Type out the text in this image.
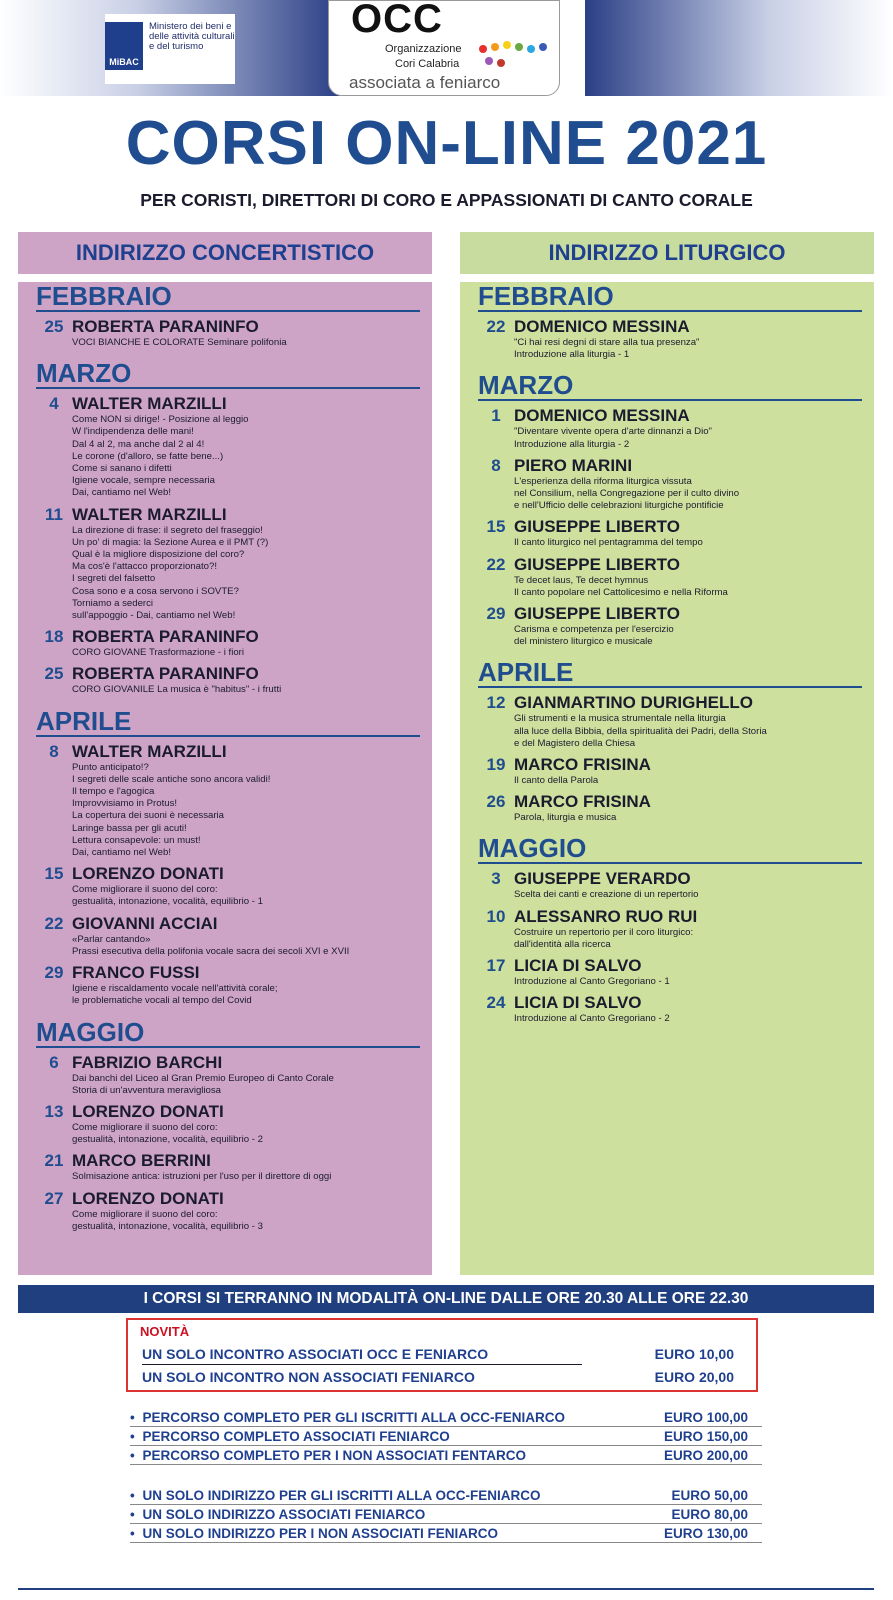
MiBAC
Ministero dei beni e delle attività culturali e del turismo
OCC
Organizzazione
Cori Calabria
associata a feniarco
CORSI ON-LINE 2021
PER CORISTI, DIRETTORI DI CORO E APPASSIONATI DI CANTO CORALE
INDIRIZZO CONCERTISTICO
FEBBRAIO
25 ROBERTA PARANINFO
VOCI BIANCHE E COLORATE Seminare polifonia
MARZO
4 WALTER MARZILLI
Come NON si dirige! - Posizione al leggio
W l'indipendenza delle mani!
Dal 4 al 2, ma anche dal 2 al 4!
Le corone (d'alloro, se fatte bene...)
Come si sanano i difetti
Igiene vocale, sempre necessaria
Dai, cantiamo nel Web!
11 WALTER MARZILLI
La direzione di frase: il segreto del fraseggio!
Un po' di magia: la Sezione Aurea e il PMT (?)
Qual è la migliore disposizione del coro?
Ma cos'è l'attacco proporzionato?!
I segreti del falsetto
Cosa sono e a cosa servono i SOVTE?
Torniamo a sederci
sull'appoggio - Dai, cantiamo nel Web!
18 ROBERTA PARANINFO
CORO GIOVANE Trasformazione - i fiori
25 ROBERTA PARANINFO
CORO GIOVANILE La musica è "habitus" - i frutti
APRILE
8 WALTER MARZILLI
Punto anticipato!?
I segreti delle scale antiche sono ancora validi!
Il tempo e l'agogica
Improvvisiamo in Protus!
La copertura dei suoni è necessaria
Laringe bassa per gli acuti!
Lettura consapevole: un must!
Dai, cantiamo nel Web!
15 LORENZO DONATI
Come migliorare il suono del coro:
gestualità, intonazione, vocalità, equilibrio - 1
22 GIOVANNI ACCIAI
«Parlar cantando»
Prassi esecutiva della polifonia vocale sacra dei secoli XVI e XVII
29 FRANCO FUSSI
Igiene e riscaldamento vocale nell'attività corale;
le problematiche vocali al tempo del Covid
MAGGIO
6 FABRIZIO BARCHI
Dai banchi del Liceo al Gran Premio Europeo di Canto Corale
Storia di un'avventura meravigliosa
13 LORENZO DONATI
Come migliorare il suono del coro:
gestualità, intonazione, vocalità, equilibrio - 2
21 MARCO BERRINI
Solmisazione antica: istruzioni per l'uso per il direttore di oggi
27 LORENZO DONATI
Come migliorare il suono del coro:
gestualità, intonazione, vocalità, equilibrio - 3
INDIRIZZO LITURGICO
FEBBRAIO
22 DOMENICO MESSINA
"Ci hai resi degni di stare alla tua presenza"
Introduzione alla liturgia - 1
MARZO
1 DOMENICO MESSINA
"Diventare vivente opera d'arte dinnanzi a Dio"
Introduzione alla liturgia - 2
8 PIERO MARINI
L'esperienza della riforma liturgica vissuta
nel Consilium, nella Congregazione per il culto divino
e nell'Ufficio delle celebrazioni liturgiche pontificie
15 GIUSEPPE LIBERTO
Il canto liturgico nel pentagramma del tempo
22 GIUSEPPE LIBERTO
Te decet laus, Te decet hymnus
Il canto popolare nel Cattolicesimo e nella Riforma
29 GIUSEPPE LIBERTO
Carisma e competenza per l'esercizio
del ministero liturgico e musicale
APRILE
12 GIANMARTINO DURIGHELLO
Gli strumenti e la musica strumentale nella liturgia
alla luce della Bibbia, della spiritualità dei Padri, della Storia
e del Magistero della Chiesa
19 MARCO FRISINA
Il canto della Parola
26 MARCO FRISINA
Parola, liturgia e musica
MAGGIO
3 GIUSEPPE VERARDO
Scelta dei canti e creazione di un repertorio
10 ALESSANRO RUO RUI
Costruire un repertorio per il coro liturgico:
dall'identità alla ricerca
17 LICIA DI SALVO
Introduzione al Canto Gregoriano - 1
24 LICIA DI SALVO
Introduzione al Canto Gregoriano - 2
I CORSI SI TERRANNO IN MODALITÀ ON-LINE DALLE ORE 20.30 ALLE ORE 22.30
NOVITÀ
UN SOLO INCONTRO ASSOCIATI OCC E FENIARCO	EURO 10,00
UN SOLO INCONTRO NON ASSOCIATI FENIARCO	EURO 20,00
• PERCORSO COMPLETO PER GLI ISCRITTI ALLA OCC-FENIARCO	EURO 100,00
• PERCORSO COMPLETO ASSOCIATI FENIARCO	EURO 150,00
• PERCORSO COMPLETO PER I NON ASSOCIATI FENTARCO	EURO 200,00
• UN SOLO INDIRIZZO PER GLI ISCRITTI ALLA OCC-FENIARCO	EURO 50,00
• UN SOLO INDIRIZZO ASSOCIATI FENIARCO	EURO 80,00
• UN SOLO INDIRIZZO PER I NON ASSOCIATI FENIARCO	EURO 130,00
